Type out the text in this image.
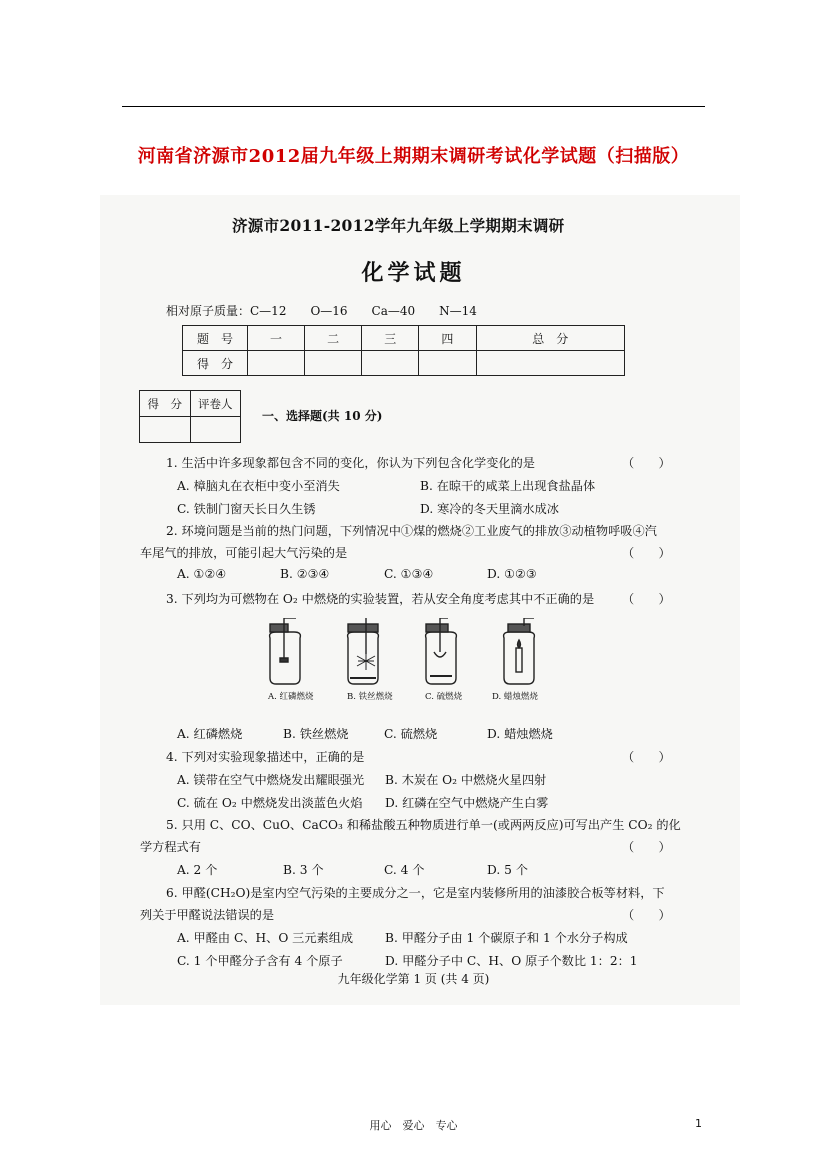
河南省济源市2012届九年级上期期末调研考试化学试题（扫描版）
济源市2011-2012学年九年级上学期期末调研
化学试题
相对原子质量：C—12　　O—16　　Ca—40　　N—14
题　号	一	二	三	四	总　分
得　分					
得　分	评卷人

一、选择题(共 10 分)
1. 生活中许多现象都包含不同的变化，你认为下列包含化学变化的是	（　　）
A. 樟脑丸在衣柜中变小至消失	B. 在晾干的咸菜上出现食盐晶体
C. 铁制门窗天长日久生锈	D. 寒冷的冬天里滴水成冰
2. 环境问题是当前的热门问题，下列情况中①煤的燃烧②工业废气的排放③动植物呼吸④汽
车尾气的排放，可能引起大气污染的是	（　　）
A. ①②④	B. ②③④	C. ①③④	D. ①②③
3. 下列均为可燃物在 O₂ 中燃烧的实验装置，若从安全角度考虑其中不正确的是 （　　）
A. 红磷燃烧	B. 铁丝燃烧	C. 硫燃烧	D. 蜡烛燃烧
A. 红磷燃烧	B. 铁丝燃烧	C. 硫燃烧	D. 蜡烛燃烧
4. 下列对实验现象描述中，正确的是	（　　）
A. 镁带在空气中燃烧发出耀眼强光 B. 木炭在 O₂ 中燃烧火星四射
C. 硫在 O₂ 中燃烧发出淡蓝色火焰 D. 红磷在空气中燃烧产生白雾
5. 只用 C、CO、CuO、CaCO₃ 和稀盐酸五种物质进行单一(或两两反应)可写出产生 CO₂ 的化
学方程式有	（　　）
A. 2 个	B. 3 个	C. 4 个	D. 5 个
6. 甲醛(CH₂O)是室内空气污染的主要成分之一，它是室内装修所用的油漆胶合板等材料，下
列关于甲醛说法错误的是	（　　）
A. 甲醛由 C、H、O 三元素组成	B. 甲醛分子由 1 个碳原子和 1 个水分子构成
C. 1 个甲醛分子含有 4 个原子	D. 甲醛分子中 C、H、O 原子个数比 1：2：1
九年级化学第 1 页 (共 4 页)
用心　爱心　专心	1
